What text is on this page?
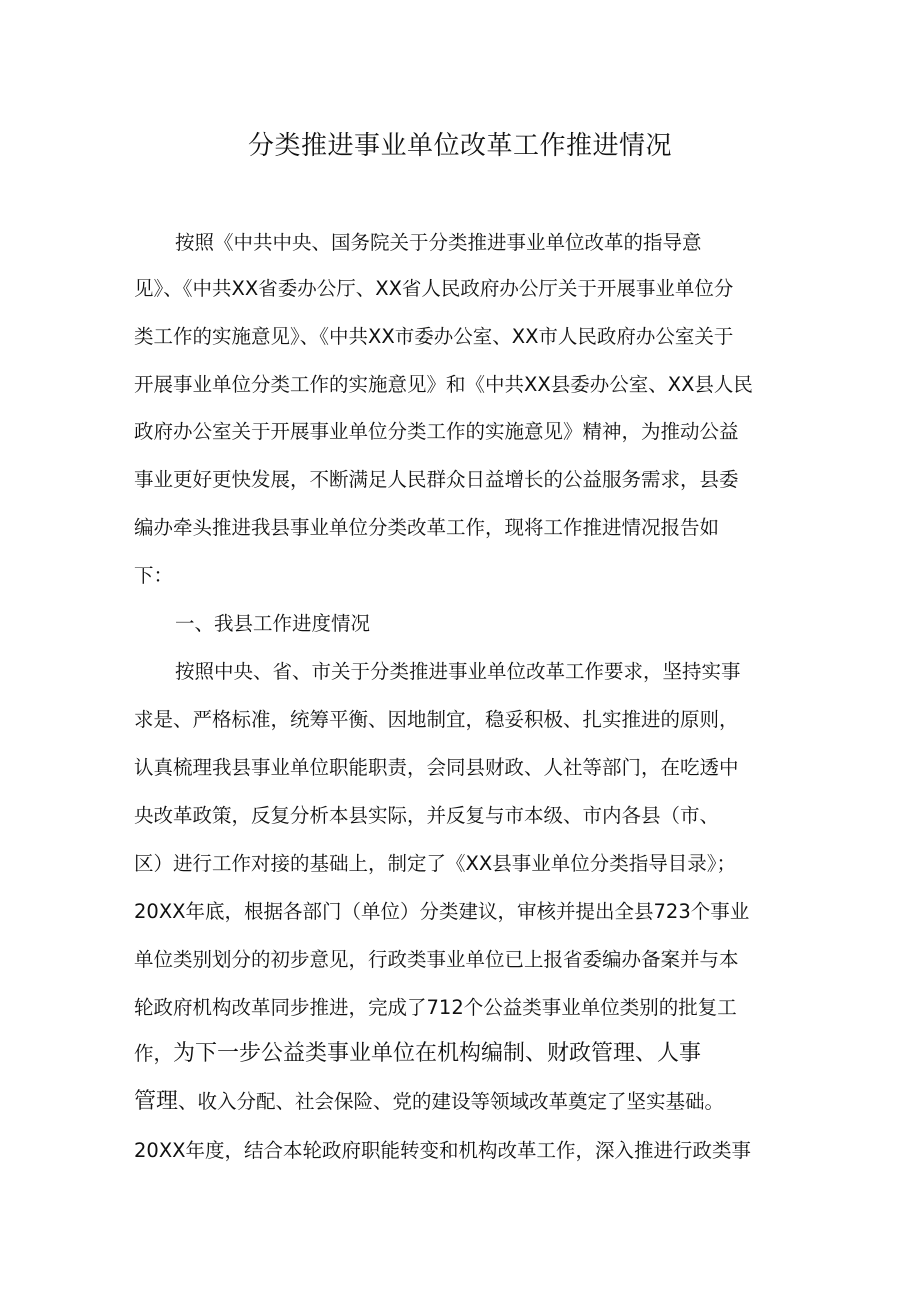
分类推进事业单位改革工作推进情况

按照《中共中央、国务院关于分类推进事业单位改革的指导意

见》、《中共XX省委办公厅、XX省人民政府办公厅关于开展事业单位分

类工作的实施意见》、《中共XX市委办公室、XX市人民政府办公室关于

开展事业单位分类工作的实施意见》和《中共XX县委办公室、XX县人民

政府办公室关于开展事业单位分类工作的实施意见》精神，为推动公益

事业更好更快发展，不断满足人民群众日益增长的公益服务需求，县委

编办牵头推进我县事业单位分类改革工作，现将工作推进情况报告如

下：

一、我县工作进度情况

按照中央、省、市关于分类推进事业单位改革工作要求，坚持实事

求是、严格标准，统筹平衡、因地制宜，稳妥积极、扎实推进的原则，

认真梳理我县事业单位职能职责，会同县财政、人社等部门，在吃透中

央改革政策，反复分析本县实际，并反复与市本级、市内各县（市、

区）进行工作对接的基础上，制定了《XX县事业单位分类指导目录》；

20XX年底，根据各部门（单位）分类建议，审核并提出全县723个事业

单位类别划分的初步意见，行政类事业单位已上报省委编办备案并与本

轮政府机构改革同步推进，完成了712个公益类事业单位类别的批复工

作，为下一步公益类事业单位在机构编制、财政管理、人事

管理、收入分配、社会保险、党的建设等领域改革奠定了坚实基础。

20XX年度，结合本轮政府职能转变和机构改革工作，深入推进行政类事
